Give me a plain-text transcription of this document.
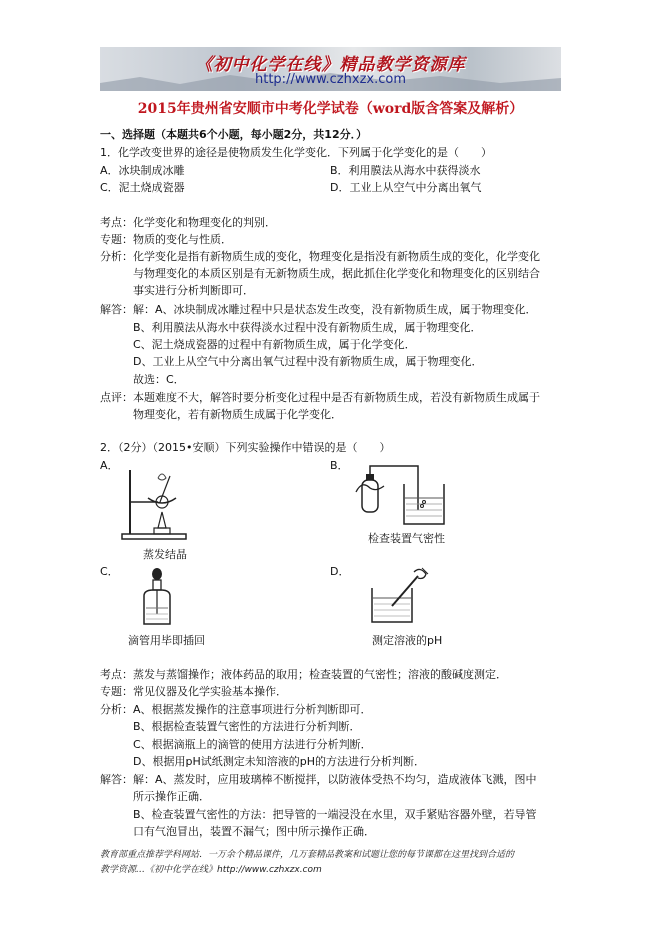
《初中化学在线》精品教学资源库
http://www.czhxzx.com
2015年贵州省安顺市中考化学试卷（word版含答案及解析）
一、选择题（本题共6个小题，每小题2分，共12分．）
1．化学改变世界的途径是使物质发生化学变化．下列属于化学变化的是（　　）
A．冰块制成冰雕	B．利用膜法从海水中获得淡水
C．泥土烧成瓷器	D．工业上从空气中分离出氧气
考点：化学变化和物理变化的判别．
专题：物质的变化与性质．
分析：化学变化是指有新物质生成的变化，物理变化是指没有新物质生成的变化，化学变化
与物理变化的本质区别是有无新物质生成，据此抓住化学变化和物理变化的区别结合
事实进行分析判断即可．
解答：解：A、冰块制成冰雕过程中只是状态发生改变，没有新物质生成，属于物理变化．
B、利用膜法从海水中获得淡水过程中没有新物质生成，属于物理变化．
C、泥土烧成瓷器的过程中有新物质生成，属于化学变化．
D、工业上从空气中分离出氧气过程中没有新物质生成，属于物理变化．
故选：C．
点评：本题难度不大，解答时要分析变化过程中是否有新物质生成，若没有新物质生成属于
物理变化，若有新物质生成属于化学变化．
2．（2分）（2015•安顺）下列实验操作中错误的是（　　）
A．	B．
蒸发结晶
检查装置气密性
C．	D．
滴管用毕即插回	测定溶液的pH
考点：蒸发与蒸馏操作；液体药品的取用；检查装置的气密性；溶液的酸碱度测定．
专题：常见仪器及化学实验基本操作．
分析：A、根据蒸发操作的注意事项进行分析判断即可．
B、根据检查装置气密性的方法进行分析判断．
C、根据滴瓶上的滴管的使用方法进行分析判断．
D、根据用pH试纸测定未知溶液的pH的方法进行分析判断．
解答：解：A、蒸发时，应用玻璃棒不断搅拌，以防液体受热不均匀，造成液体飞溅，图中
所示操作正确．
B、检查装置气密性的方法：把导管的一端浸没在水里，双手紧贴容器外壁，若导管
口有气泡冒出，装置不漏气；图中所示操作正确．
教育部重点推荐学科网站．一万余个精品课件，几万套精品教案和试题让您的每节课都在这里找到合适的
教学资源…《初中化学在线》http://www.czhxzx.com
